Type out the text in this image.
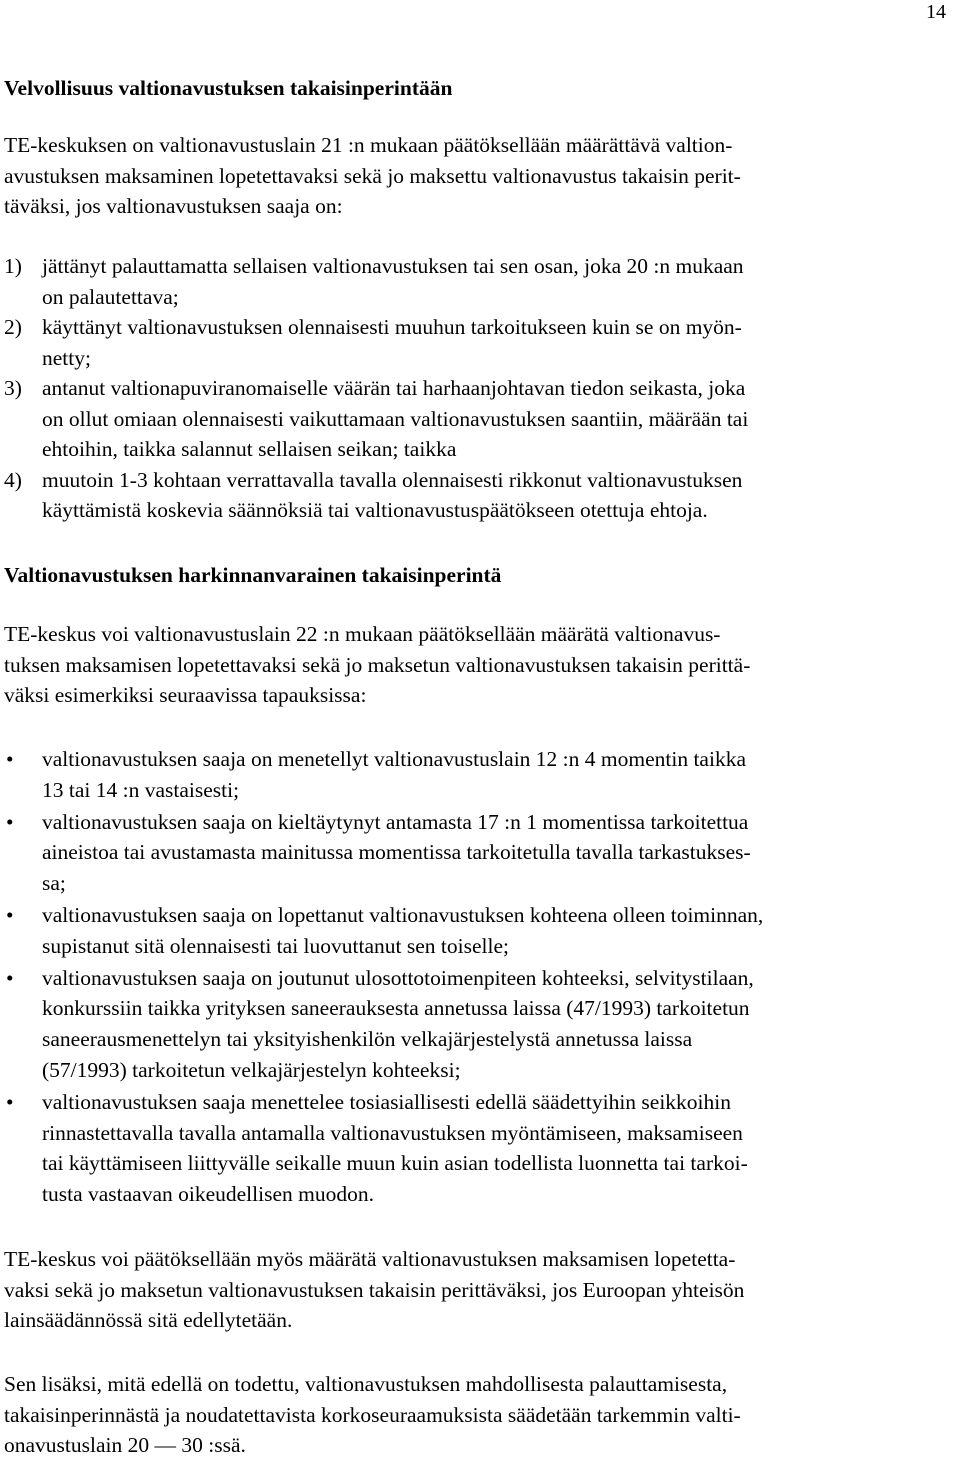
14
Velvollisuus valtionavustuksen takaisinperintään
TE-keskuksen on valtionavustuslain 21 :n mukaan päätöksellään määrättävä valtion-
avustuksen maksaminen lopetettavaksi sekä jo maksettu valtionavustus takaisin perit-
täväksi, jos valtionavustuksen saaja on:
1) jättänyt palauttamatta sellaisen valtionavustuksen tai sen osan, joka 20 :n mukaan
on palautettava;
2) käyttänyt valtionavustuksen olennaisesti muuhun tarkoitukseen kuin se on myön-
netty;
3) antanut valtionapuviranomaiselle väärän tai harhaanjohtavan tiedon seikasta, joka
on ollut omiaan olennaisesti vaikuttamaan valtionavustuksen saantiin, määrään tai
ehtoihin, taikka salannut sellaisen seikan; taikka
4) muutoin 1-3 kohtaan verrattavalla tavalla olennaisesti rikkonut valtionavustuksen
käyttämistä koskevia säännöksiä tai valtionavustuspäätökseen otettuja ehtoja.
Valtionavustuksen harkinnanvarainen takaisinperintä
TE-keskus voi valtionavustuslain 22 :n mukaan päätöksellään määrätä valtionavus-
tuksen maksamisen lopetettavaksi sekä jo maksetun valtionavustuksen takaisin perittä-
väksi esimerkiksi seuraavissa tapauksissa:
• valtionavustuksen saaja on menetellyt valtionavustuslain 12 :n 4 momentin taikka
13 tai 14 :n vastaisesti;
• valtionavustuksen saaja on kieltäytynyt antamasta 17 :n 1 momentissa tarkoitettua
aineistoa tai avustamasta mainitussa momentissa tarkoitetulla tavalla tarkastukses-
sa;
• valtionavustuksen saaja on lopettanut valtionavustuksen kohteena olleen toiminnan,
supistanut sitä olennaisesti tai luovuttanut sen toiselle;
• valtionavustuksen saaja on joutunut ulosottotoimenpiteen kohteeksi, selvitystilaan,
konkurssiin taikka yrityksen saneerauksesta annetussa laissa (47/1993) tarkoitetun
saneerausmenettelyn tai yksityishenkilön velkajärjestelystä annetussa laissa
(57/1993) tarkoitetun velkajärjestelyn kohteeksi;
• valtionavustuksen saaja menettelee tosiasiallisesti edellä säädettyihin seikkoihin
rinnastettavalla tavalla antamalla valtionavustuksen myöntämiseen, maksamiseen
tai käyttämiseen liittyvälle seikalle muun kuin asian todellista luonnetta tai tarkoi-
tusta vastaavan oikeudellisen muodon.
TE-keskus voi päätöksellään myös määrätä valtionavustuksen maksamisen lopetetta-
vaksi sekä jo maksetun valtionavustuksen takaisin perittäväksi, jos Euroopan yhteisön
lainsäädännössä sitä edellytetään.
Sen lisäksi, mitä edellä on todettu, valtionavustuksen mahdollisesta palauttamisesta,
takaisinperinnästä ja noudatettavista korkoseuraamuksista säädetään tarkemmin valti-
onavustuslain 20 — 30 :ssä.
